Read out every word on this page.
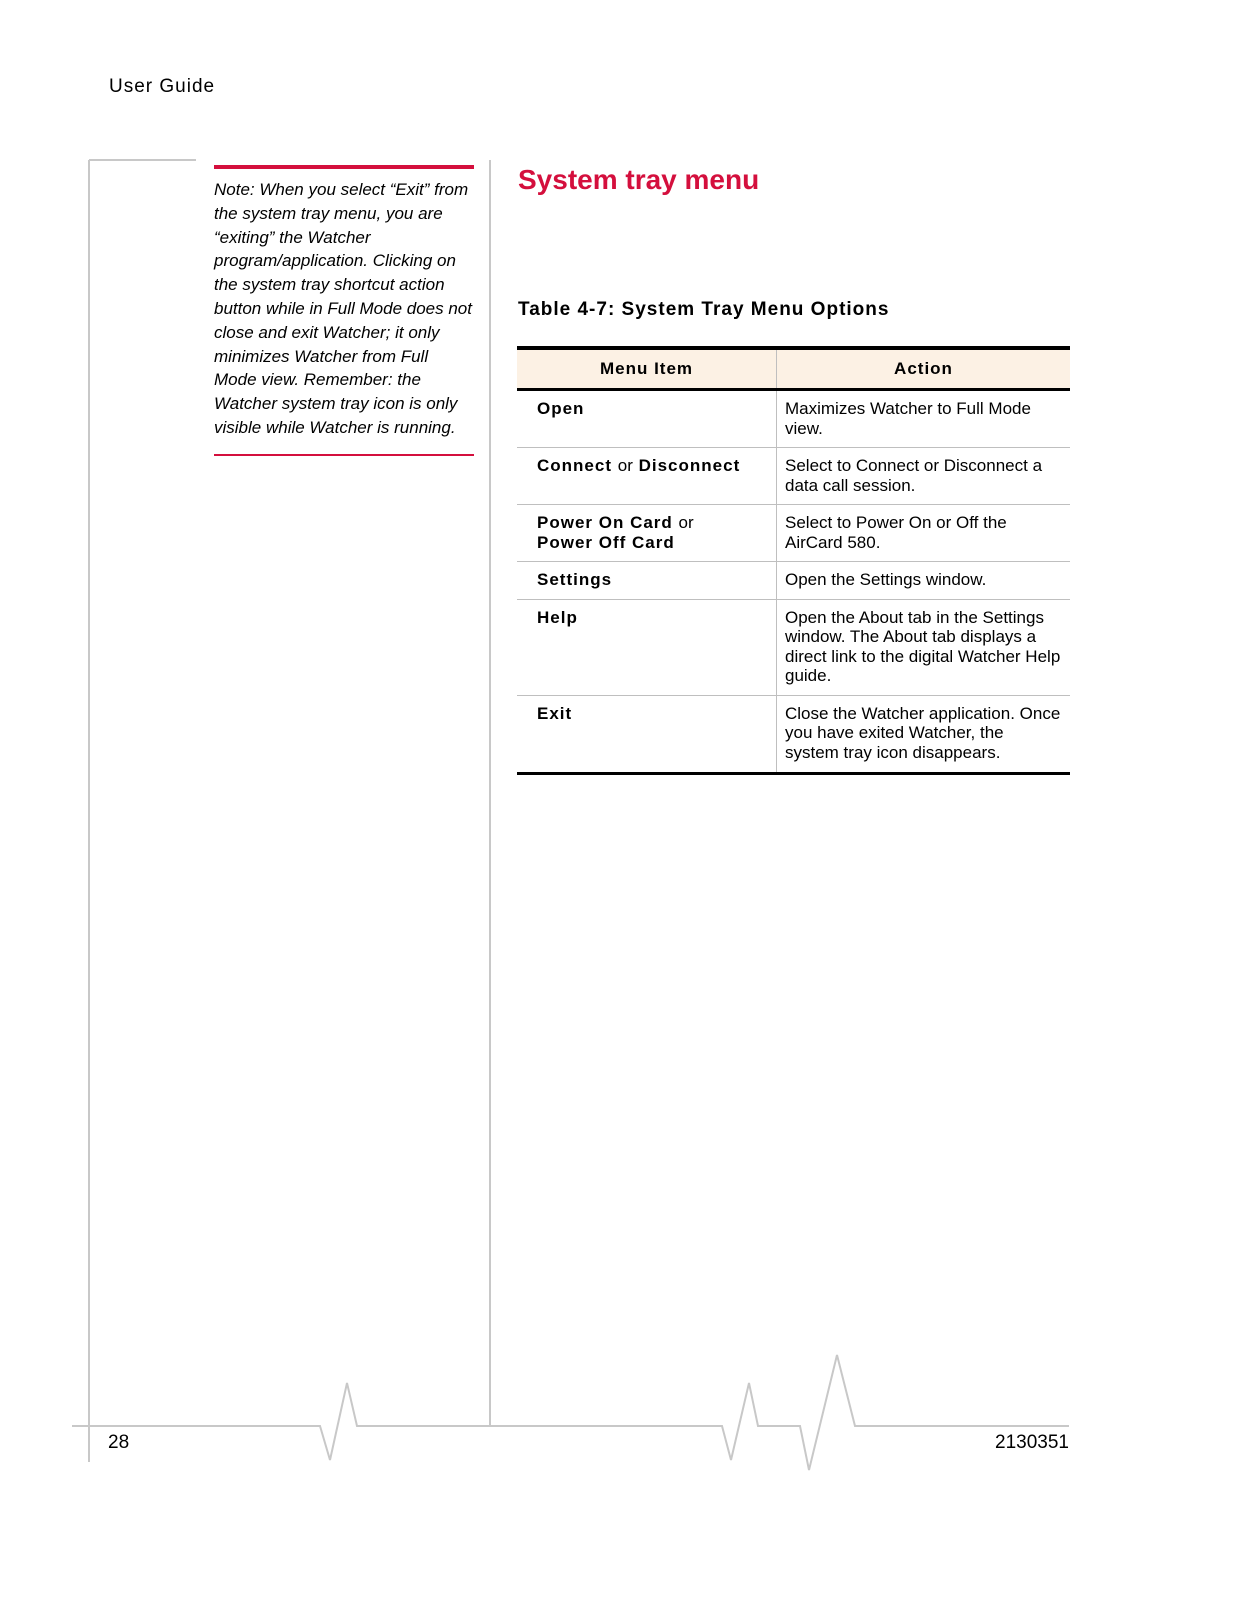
User Guide

Note: When you select “Exit” from the system tray menu, you are “exiting” the Watcher program/application. Clicking on the system tray shortcut action button while in Full Mode does not close and exit Watcher; it only minimizes Watcher from Full Mode view. Remember: the Watcher system tray icon is only visible while Watcher is running.

System tray menu
Table 4-7: System Tray Menu Options
Menu Item	Action
Open	Maximizes Watcher to Full Mode view.
Connect or Disconnect	Select to Connect or Disconnect a data call session.
Power On Card or
Power Off Card	Select to Power On or Off the AirCard 580.
Settings	Open the Settings window.
Help	Open the About tab in the Settings window. The About tab displays a direct link to the digital Watcher Help guide.
Exit	Close the Watcher application. Once you have exited Watcher, the system tray icon disappears.
28	2130351
